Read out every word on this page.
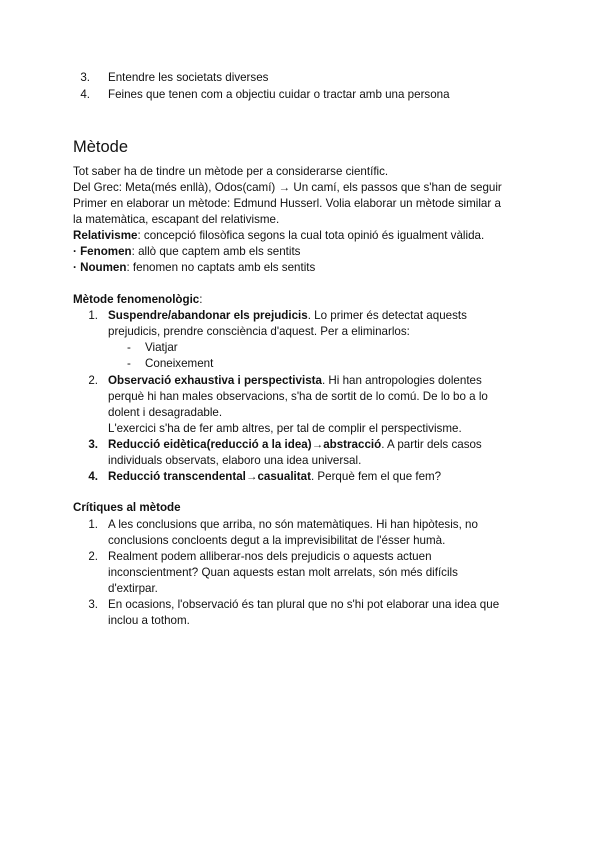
3. Entendre les societats diverses
4. Feines que tenen com a objectiu cuidar o tractar amb una persona
Mètode
Tot saber ha de tindre un mètode per a considerarse científic.
Del Grec: Meta(més enllà), Odos(camí) → Un camí, els passos que s'han de seguir
Primer en elaborar un mètode: Edmund Husserl. Volia elaborar un mètode similar a
la matemàtica, escapant del relativisme.
Relativisme: concepció filosòfica segons la cual tota opinió és igualment vàlida.
· Fenomen: allò que captem amb els sentits
· Noumen: fenomen no captats amb els sentits
Mètode fenomenològic:
1. Suspendre/abandonar els prejudicis. Lo primer és detectat aquests
prejudicis, prendre consciència d'aquest. Per a eliminarlos:
- Viatjar
- Coneixement
2. Observació exhaustiva i perspectivista. Hi han antropologies dolentes
perquè hi han males observacions, s'ha de sortit de lo comú. De lo bo a lo
dolent i desagradable.
L'exercici s'ha de fer amb altres, per tal de complir el perspectivisme.
3. Reducció eidètica(reducció a la idea)→abstracció. A partir dels casos
individuals observats, elaboro una idea universal.
4. Reducció transcendental→casualitat. Perquè fem el que fem?
Crítiques al mètode
1. A les conclusions que arriba, no són matemàtiques. Hi han hipòtesis, no
conclusions concloents degut a la imprevisibilitat de l'ésser humà.
2. Realment podem alliberar-nos dels prejudicis o aquests actuen
inconscientment? Quan aquests estan molt arrelats, són més difícils
d'extirpar.
3. En ocasions, l'observació és tan plural que no s'hi pot elaborar una idea que
inclou a tothom.
